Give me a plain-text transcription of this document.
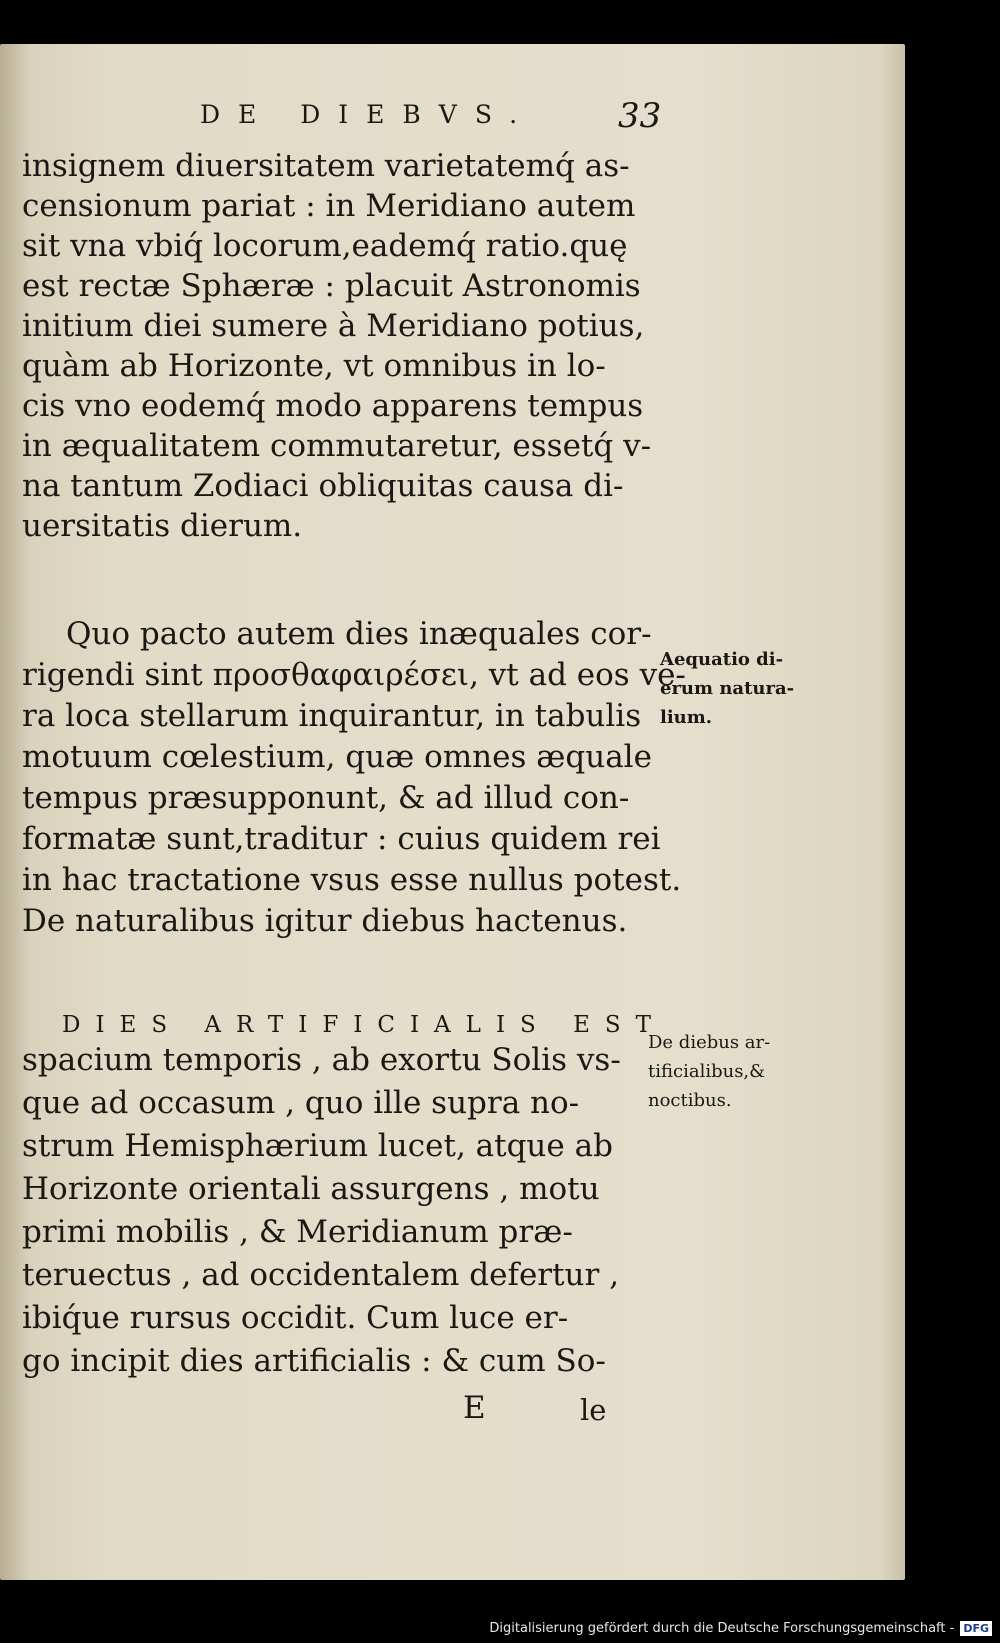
DE DIEBVS. 33
insignem diuersitatem varietatemq́ as-
censionum pariat : in Meridiano autem
sit vna vbiq́ locorum,eademq́ ratio.quę
est rectæ Sphæræ : placuit Astronomis
initium diei sumere à Meridiano potius,
quàm ab Horizonte, vt omnibus in lo-
cis vno eodemq́ modo apparens tempus
in æqualitatem commutaretur, essetq́ v-
na tantum Zodiaci obliquitas causa di-
uersitatis dierum.
Quo pacto autem dies inæquales cor-
rigendi sint προσθαφαιρέσει, vt ad eos ve-
ra loca stellarum inquirantur, in tabulis
motuum cœlestium, quæ omnes æquale
tempus præsupponunt, & ad illud con-
formatæ sunt,traditur : cuius quidem rei
in hac tractatione vsus esse nullus potest.
De naturalibus igitur diebus hactenus.
DIES ARTIFICIALIS EST
spacium temporis , ab exortu Solis vs-
que ad occasum , quo ille supra no-
strum Hemisphærium lucet, atque ab
Horizonte orientali assurgens , motu
primi mobilis , & Meridianum præ-
teruectus , ad occidentalem defertur ,
ibiq́ue rursus occidit. Cum luce er-
go incipit dies artificialis : & cum So-
E	le
Aequatio di-
erum natura-
lium.
De diebus ar-
tificialibus,&
noctibus.
Digitalisierung gefördert durch die Deutsche Forschungsgemeinschaft - DFG
